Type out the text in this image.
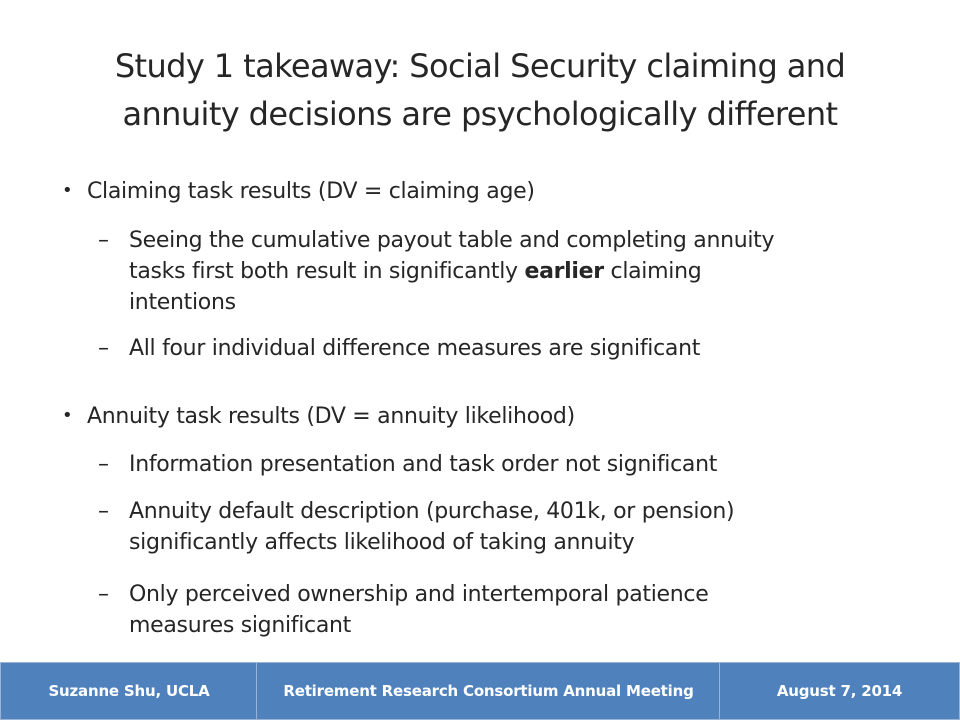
Study 1 takeaway: Social Security claiming and
annuity decisions are psychologically different
• Claiming task results (DV = claiming age)
– Seeing the cumulative payout table and completing annuity
tasks first both result in significantly earlier claiming
intentions
– All four individual difference measures are significant
• Annuity task results (DV = annuity likelihood)
– Information presentation and task order not significant
– Annuity default description (purchase, 401k, or pension)
significantly affects likelihood of taking annuity
– Only perceived ownership and intertemporal patience
measures significant
Suzanne Shu, UCLA	Retirement Research Consortium Annual Meeting	August 7, 2014
